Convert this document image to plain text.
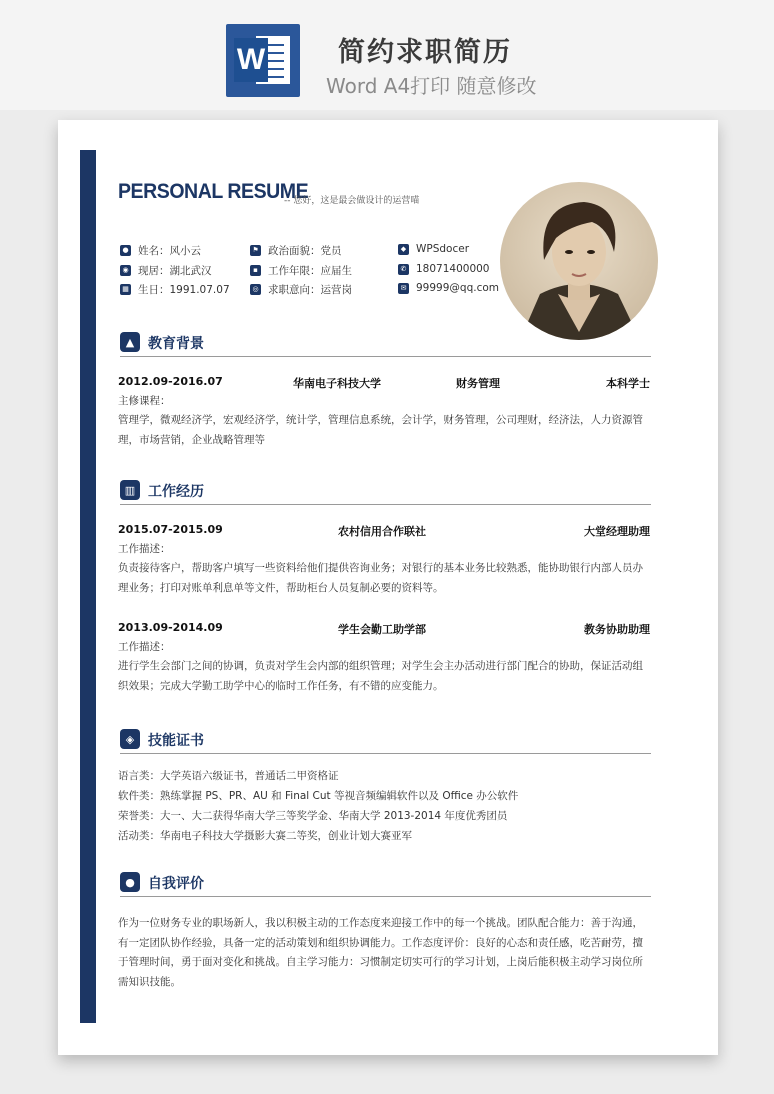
W	简约求职简历
Word A4打印 随意修改
PERSONAL RESUME
-- 您好，这是最会做设计的运营喵
● 姓名：风小云
◉ 现居：湖北武汉
▦ 生日：1991.07.07
⚑ 政治面貌：党员
▪ 工作年限：应届生
◎ 求职意向：运营岗
◆ WPSdocer
✆ 18071400000
✉ 99999@qq.com
▲ 教育背景
2012.09-2016.07	华南电子科技大学	财务管理	本科学士
主修课程：
管理学，微观经济学，宏观经济学，统计学，管理信息系统，会计学，财务管理，公司理财，经济法，人力资源管理，市场营销，企业战略管理等
▥ 工作经历
2015.07-2015.09	农村信用合作联社	大堂经理助理
工作描述：
负责接待客户，帮助客户填写一些资料给他们提供咨询业务；对银行的基本业务比较熟悉，能协助银行内部人员办理业务；打印对账单利息单等文件，帮助柜台人员复制必要的资料等。
2013.09-2014.09	学生会勤工助学部	教务协助助理
工作描述：
进行学生会部门之间的协调，负责对学生会内部的组织管理；对学生会主办活动进行部门配合的协助，保证活动组织效果；完成大学勤工助学中心的临时工作任务，有不错的应变能力。
◈ 技能证书
语言类：大学英语六级证书，普通话二甲资格证
软件类：熟练掌握 PS、PR、AU 和 Final Cut 等视音频编辑软件以及 Office 办公软件
荣誉类：大一、大二获得华南大学三等奖学金、华南大学 2013-2014 年度优秀团员
活动类：华南电子科技大学摄影大赛二等奖，创业计划大赛亚军
● 自我评价
作为一位财务专业的职场新人，我以积极主动的工作态度来迎接工作中的每一个挑战。团队配合能力：善于沟通，有一定团队协作经验，具备一定的活动策划和组织协调能力。工作态度评价：良好的心态和责任感，吃苦耐劳，擅于管理时间，勇于面对变化和挑战。自主学习能力：习惯制定切实可行的学习计划，上岗后能积极主动学习岗位所需知识技能。
